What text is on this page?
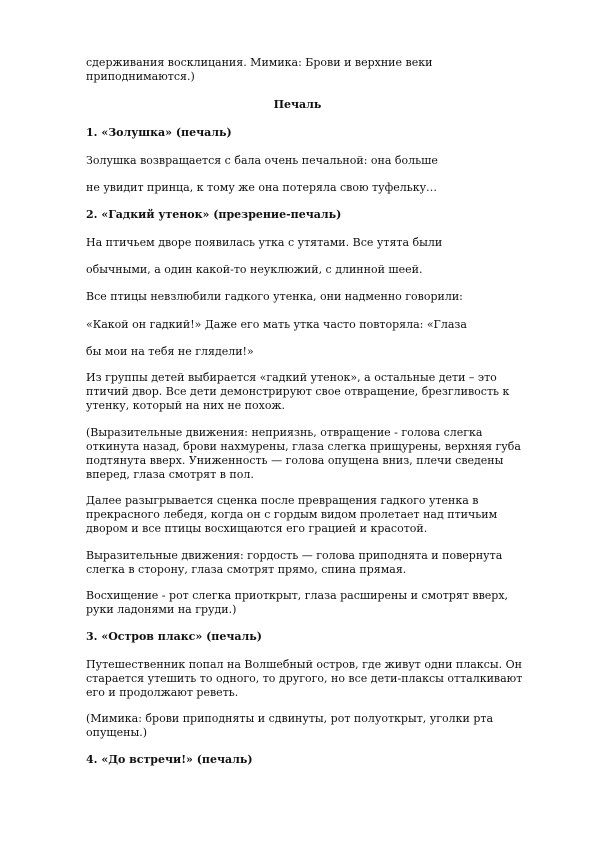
сдерживания восклицания. Мимика: Брови и верхние веки приподнимаются.)

Печаль

1. «Золушка» (печаль)

Золушка возвращается с бала очень печальной: она больше

не увидит принца, к тому же она потеряла свою туфельку…

2. «Гадкий утенок» (презрение-печаль)

На птичьем дворе появилась утка с утятами. Все утята были

обычными, а один какой-то неуклюжий, с длинной шеей.

Все птицы невзлюбили гадкого утенка, они надменно говорили:

«Какой он гадкий!» Даже его мать утка часто повторяла: «Глаза

бы мои на тебя не глядели!»

Из группы детей выбирается «гадкий утенок», а остальные дети – это птичий двор. Все дети демонстрируют свое отвращение, брезгливость к утенку, который на них не похож.

(Выразительные движения: неприязнь, отвращение - голова слегка откинута назад, брови нахмурены, глаза слегка прищурены, верхняя губа подтянута вверх. Униженность — голова опущена вниз, плечи сведены вперед, глаза смотрят в пол.

Далее разыгрывается сценка после превращения гадкого утенка в прекрасного лебедя, когда он с гордым видом пролетает над птичьим двором и все птицы восхищаются его грацией и красотой.

Выразительные движения: гордость — голова приподнята и повернута слегка в сторону, глаза смотрят прямо, спина прямая.

Восхищение - рот слегка приоткрыт, глаза расширены и смотрят вверх, руки ладонями на груди.)

3. «Остров плакс» (печаль)

Путешественник попал на Волшебный остров, где живут одни плаксы. Он старается утешить то одного, то другого, но все дети-плаксы отталкивают его и продолжают реветь.

(Мимика: брови приподняты и сдвинуты, рот полуоткрыт, уголки рта опущены.)

4. «До встречи!» (печаль)
